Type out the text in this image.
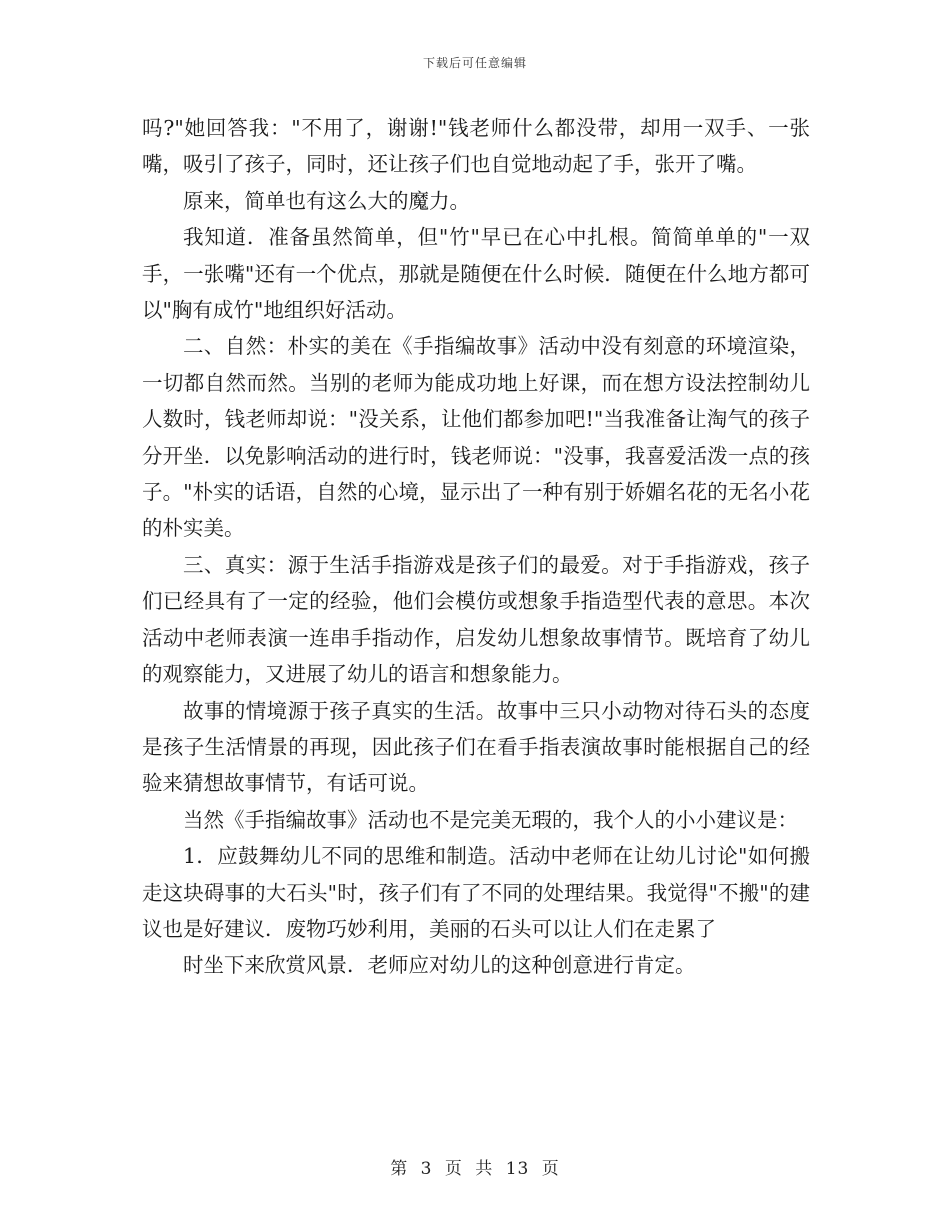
下载后可任意编辑

吗?"她回答我："不用了，谢谢!"钱老师什么都没带，却用一双手、一张嘴，吸引了孩子，同时，还让孩子们也自觉地动起了手，张开了嘴。

原来，简单也有这么大的魔力。

我知道．准备虽然简单，但"竹"早已在心中扎根。简简单单的"一双手，一张嘴"还有一个优点，那就是随便在什么时候．随便在什么地方都可以"胸有成竹"地组织好活动。

二、自然：朴实的美在《手指编故事》活动中没有刻意的环境渲染，一切都自然而然。当别的老师为能成功地上好课，而在想方设法控制幼儿人数时，钱老师却说："没关系，让他们都参加吧!"当我准备让淘气的孩子分开坐．以免影响活动的进行时，钱老师说："没事，我喜爱活泼一点的孩子。"朴实的话语，自然的心境，显示出了一种有别于娇媚名花的无名小花的朴实美。

三、真实：源于生活手指游戏是孩子们的最爱。对于手指游戏，孩子们已经具有了一定的经验，他们会模仿或想象手指造型代表的意思。本次活动中老师表演一连串手指动作，启发幼儿想象故事情节。既培育了幼儿的观察能力，又进展了幼儿的语言和想象能力。

故事的情境源于孩子真实的生活。故事中三只小动物对待石头的态度是孩子生活情景的再现，因此孩子们在看手指表演故事时能根据自己的经验来猜想故事情节，有话可说。

当然《手指编故事》活动也不是完美无瑕的，我个人的小小建议是：

1．应鼓舞幼儿不同的思维和制造。活动中老师在让幼儿讨论"如何搬走这块碍事的大石头"时，孩子们有了不同的处理结果。我觉得"不搬"的建议也是好建议．废物巧妙利用，美丽的石头可以让人们在走累了

时坐下来欣赏风景．老师应对幼儿的这种创意进行肯定。

第 3 页 共 13 页
